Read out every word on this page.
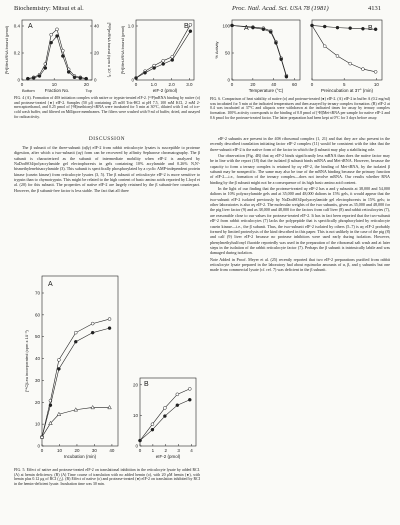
Biochemistry: Mitsui et al.	Proc. Natl. Acad. Sci. USA 78 (1981)	4131
A
0	10	20
Fraction No.
Bottom	Top
0
0.2
0.4
[³H]Met-tRNA bound (pmol)
0
20
40 [³²P]mRNA bound (cpm x 10⁻³)	B
0	1.0	2.0	3.0
eIF-2 (pmol)
0
1.0
[³H]Met-tRNA bound (pmol)	A
0	20	40	60
Temperature (°C)
0
50
100
% Activity
B
0	5	10
Preincubation at 37° (min)
FIG. 4 (A). Formation of 40S initiation complex with native or trypsin-treated eIF-2. [³²P]mRNA binding by native (o) and protease-treated (●) eIF-2. Samples (50 μl) containing 25 mM Tris-HCl at pH 7.5, 100 mM KCl, 2 mM 2-mercaptoethanol, and 0.25 pmol of [³H]methionyl-tRNA were incubated for 5 min at 30°C, diluted with 3 ml of ice-cold wash buffer, and filtered on Millipore membranes. The filters were washed with 9 ml of buffer, dried, and assayed for radioactivity.
FIG. 6. Comparison of heat stability of native (o) and protease-treated (●) eIF-2. (A) eIF-2 in buffer A (0.2 mg/ml) was incubated for 5 min at the indicated temperatures and then assayed by ternary complex formation. (B) eIF-2 at 0.4 was incubated at 37°C and aliquots were withdrawn at the indicated times for assay by ternary complex formation. 100% activity corresponds to the binding of 0.8 pmol of [³H]Met-tRNA per sample for native eIF-2 and 0.6 pmol for the protease-treated factor. The latter preparation had been kept at 0°C for 3 days before assay.
DISCUSSION

The β subunit of the three-subunit (αβγ) eIF-2 from rabbit reticulocyte lysates is susceptible to protease digestion, after which a two-subunit (αγ) form can be recovered by affinity Sepharose chromatography. The β subunit is characterized as the subunit of intermediate mobility when eIF-2 is analyzed by NaDodSO4/polyacrylamide gel electrophoresis in gels containing 10% acrylamide and 0.26% N,N'-bismethylenebisacrylamide (3). This subunit is specifically phosphorylated by a cyclic AMP-independent protein kinase (casein kinase) from reticulocyte lysates (3, 5). The β subunit of reticulocyte eIF-2 is more sensitive to trypsin than to chymotrypsin. This might be related to the high content of basic amino acids reported by Lloyd et al. (20) for this subunit. The properties of native eIF-2 are largely retained by the β subunit-free counterpart. However, the β subunit-free factor is less stable. The fact that all three

eIF-2 subunits are present in the 40S ribosomal complex (1, 21) and that they are also present in the recently described translation initiating factor eIF-2 complex (11) would be consistent with the idea that the three-subunit eIF-2 is the native form of the factor in which the β subunit may play a stabilizing role.

Our observation (Fig. 4B) that αγ eIF-2 binds significantly less mRNA than does the native factor may be in line with the report (18) that the isolated β subunit binds mRNA and Met-tRNA. However, because the capacity to form a ternary complex is retained by αγ eIF-2, the binding of Met-tRNA, by the isolated β subunit may be nonspecific. The same may also be true of the mRNA binding because the primary function of eIF-2—i.e., formation of the ternary complex—does not involve mRNA. Our results whether RNA binding by the β subunit might not be a consequence of its high basic amino acid content.

In the light of our finding that the protease-treated αγ eIF-2 has α and γ subunits at 38,000 and 54,000 daltons in 10% polyacrylamide gels and at 35,000 and 48,000 daltons in 15% gels, it would appear that the two-subunit eIF-2 isolated previously by NaDodSO4/polyacrylamide gel electrophoresis in 15% gels; to other laboratories is also αγ eIF-2. The molecular weights of the two subunits, given as 35,000 and 48,000 for the pig liver factor (9) and as 38,000 and 48,000 for the factors from calf liver (8) and rabbit reticulocytes (7), are reasonable close to our values for protease-treated eIF-2. It has in fact been reported that the two-subunit eIF-2 from rabbit reticulocytes (7) lacks the polypeptide that is specifically phosphorylated by reticulocyte casein kinase—i.e., the β subunit. Thus, the two-subunit eIF-2 isolated by others (5–7) is αγ eIF-2 probably formed by limited proteolysis of the kind described in this paper. This is not unlikely in the case of the pig (8) and calf (9) liver eIF-2 because no protease inhibitors were used early during isolation. However, phenylmethylsulfonyl fluoride reportedly was used in the preparation of the ribosomal salt wash and at later steps in the isolation of the rabbit reticulocyte factor (7). Perhaps the β subunit is intrinsically labile and was damaged during isolation.

Note Added in Proof. Meyer et al. (25) recently reported that two eIF-2 preparations purified from rabbit reticulocyte lysate prepared in the laboratory had about equimolar amounts of α, β, and γ subunits but one made from commercial lysate (cf. ref. 7) was deficient in the β subunit.

A
0	10	20	30	40
Incubation (min)
0
10
20
30
40
50
60
70
[¹⁴C]Leu incorporated (cpm x 10⁻³)	B
0 1 2 3 4
eIF-2 (pmol)
0
10
20
FIG. 5. Effect of native and protease-treated eIF-2 on translational inhibition in the reticulocyte lysate by added RCI. (A) at hemin deficiency. (B) (A) Time course of translation with no added hemin (o), with 20 μM hemin (●), with hemin plus 0.12 μg of RCI (△). (B) Effect of native (o) and protease-treated (●) eIF-2 on translation inhibited by RCI in the hemin-deficient lysate. Incubation time was 30 min.
